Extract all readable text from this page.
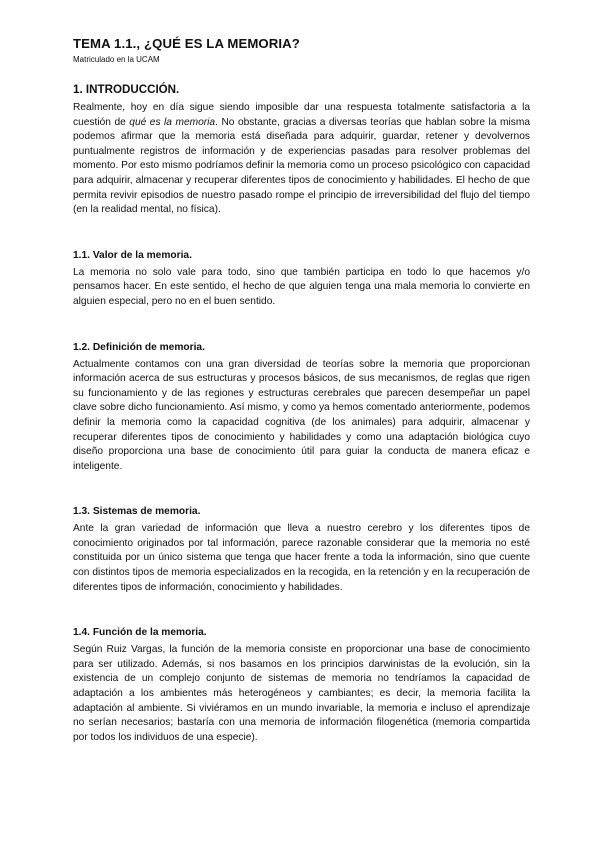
TEMA 1.1., ¿QUÉ ES LA MEMORIA?
Matriculado en la UCAM
1. INTRODUCCIÓN.

Realmente, hoy en día sigue siendo imposible dar una respuesta totalmente satisfactoria a la cuestión de qué es la memoria. No obstante, gracias a diversas teorías que hablan sobre la misma podemos afirmar que la memoria está diseñada para adquirir, guardar, retener y devolvernos puntualmente registros de información y de experiencias pasadas para resolver problemas del momento. Por esto mismo podríamos definir la memoria como un proceso psicológico con capacidad para adquirir, almacenar y recuperar diferentes tipos de conocimiento y habilidades. El hecho de que permita revivir episodios de nuestro pasado rompe el principio de irreversibilidad del flujo del tiempo (en la realidad mental, no física).

1.1. Valor de la memoria.

La memoria no solo vale para todo, sino que también participa en todo lo que hacemos y/o pensamos hacer. En este sentido, el hecho de que alguien tenga una mala memoria lo convierte en alguien especial, pero no en el buen sentido.

1.2. Definición de memoria.

Actualmente contamos con una gran diversidad de teorías sobre la memoria que proporcionan información acerca de sus estructuras y procesos básicos, de sus mecanismos, de reglas que rigen su funcionamiento y de las regiones y estructuras cerebrales que parecen desempeñar un papel clave sobre dicho funcionamiento. Así mismo, y como ya hemos comentado anteriormente, podemos definir la memoria como la capacidad cognitiva (de los animales) para adquirir, almacenar y recuperar diferentes tipos de conocimiento y habilidades y como una adaptación biológica cuyo diseño proporciona una base de conocimiento útil para guiar la conducta de manera eficaz e inteligente.

1.3. Sistemas de memoria.

Ante la gran variedad de información que lleva a nuestro cerebro y los diferentes tipos de conocimiento originados por tal información, parece razonable considerar que la memoria no esté constituida por un único sistema que tenga que hacer frente a toda la información, sino que cuente con distintos tipos de memoria especializados en la recogida, en la retención y en la recuperación de diferentes tipos de información, conocimiento y habilidades.

1.4. Función de la memoria.

Según Ruiz Vargas, la función de la memoria consiste en proporcionar una base de conocimiento para ser utilizado. Además, si nos basamos en los principios darwinistas de la evolución, sin la existencia de un complejo conjunto de sistemas de memoria no tendríamos la capacidad de adaptación a los ambientes más heterogéneos y cambiantes; es decir, la memoria facilita la adaptación al ambiente. Si viviéramos en un mundo invariable, la memoria e incluso el aprendizaje no serían necesarios; bastaría con una memoria de información filogenética (memoria compartida por todos los individuos de una especie).
